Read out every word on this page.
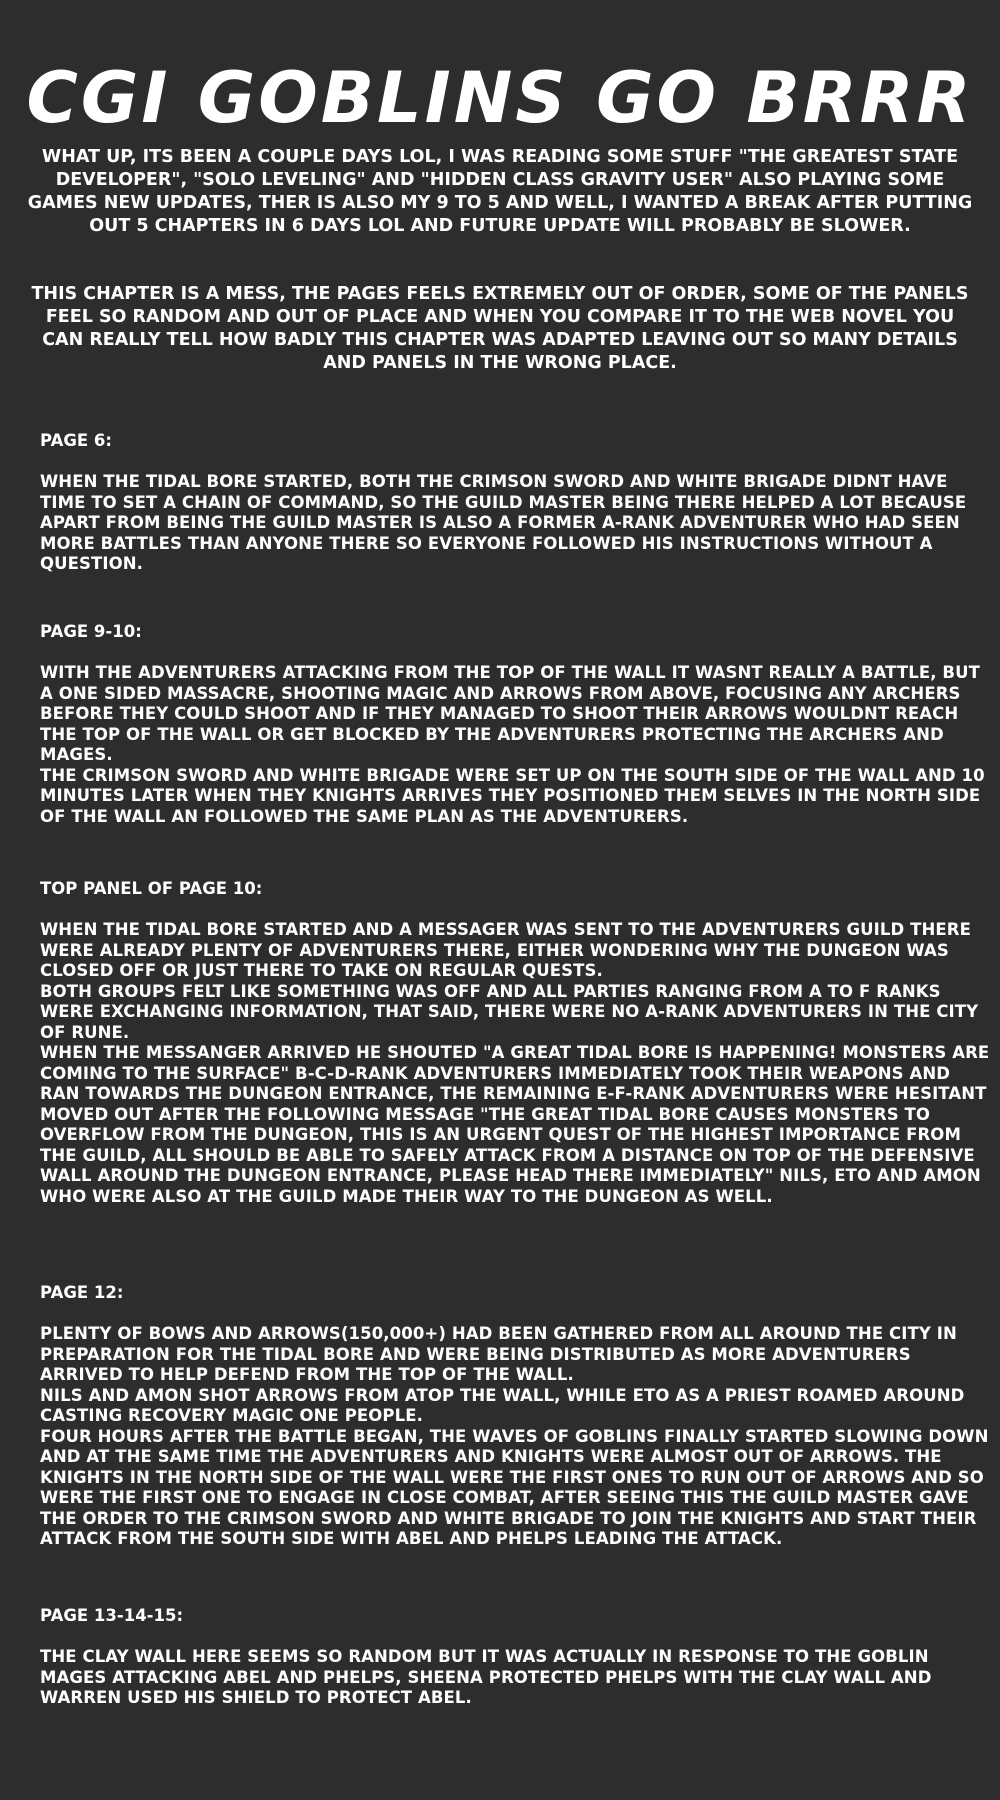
CGI GOBLINS GO BRRR

WHAT UP, ITS BEEN A COUPLE DAYS LOL, I WAS READING SOME STUFF "THE GREATEST STATE DEVELOPER", "SOLO LEVELING" AND "HIDDEN CLASS GRAVITY USER" ALSO PLAYING SOME GAMES NEW UPDATES, THER IS ALSO MY 9 TO 5 AND WELL, I WANTED A BREAK AFTER PUTTING OUT 5 CHAPTERS IN 6 DAYS LOL AND FUTURE UPDATE WILL PROBABLY BE SLOWER.

THIS CHAPTER IS A MESS, THE PAGES FEELS EXTREMELY OUT OF ORDER, SOME OF THE PANELS FEEL SO RANDOM AND OUT OF PLACE AND WHEN YOU COMPARE IT TO THE WEB NOVEL YOU CAN REALLY TELL HOW BADLY THIS CHAPTER WAS ADAPTED LEAVING OUT SO MANY DETAILS AND PANELS IN THE WRONG PLACE.

PAGE 6:

WHEN THE TIDAL BORE STARTED, BOTH THE CRIMSON SWORD AND WHITE BRIGADE DIDNT HAVE TIME TO SET A CHAIN OF COMMAND, SO THE GUILD MASTER BEING THERE HELPED A LOT BECAUSE APART FROM BEING THE GUILD MASTER IS ALSO A FORMER A-RANK ADVENTURER WHO HAD SEEN MORE BATTLES THAN ANYONE THERE SO EVERYONE FOLLOWED HIS INSTRUCTIONS WITHOUT A QUESTION.

PAGE 9-10:

WITH THE ADVENTURERS ATTACKING FROM THE TOP OF THE WALL IT WASNT REALLY A BATTLE, BUT A ONE SIDED MASSACRE, SHOOTING MAGIC AND ARROWS FROM ABOVE, FOCUSING ANY ARCHERS BEFORE THEY COULD SHOOT AND IF THEY MANAGED TO SHOOT THEIR ARROWS WOULDNT REACH THE TOP OF THE WALL OR GET BLOCKED BY THE ADVENTURERS PROTECTING THE ARCHERS AND MAGES.

THE CRIMSON SWORD AND WHITE BRIGADE WERE SET UP ON THE SOUTH SIDE OF THE WALL AND 10 MINUTES LATER WHEN THEY KNIGHTS ARRIVES THEY POSITIONED THEM SELVES IN THE NORTH SIDE OF THE WALL AN FOLLOWED THE SAME PLAN AS THE ADVENTURERS.

TOP PANEL OF PAGE 10:

WHEN THE TIDAL BORE STARTED AND A MESSAGER WAS SENT TO THE ADVENTURERS GUILD THERE WERE ALREADY PLENTY OF ADVENTURERS THERE, EITHER WONDERING WHY THE DUNGEON WAS CLOSED OFF OR JUST THERE TO TAKE ON REGULAR QUESTS.

BOTH GROUPS FELT LIKE SOMETHING WAS OFF AND ALL PARTIES RANGING FROM A TO F RANKS WERE EXCHANGING INFORMATION, THAT SAID, THERE WERE NO A-RANK ADVENTURERS IN THE CITY OF RUNE.

WHEN THE MESSANGER ARRIVED HE SHOUTED "A GREAT TIDAL BORE IS HAPPENING! MONSTERS ARE COMING TO THE SURFACE" B-C-D-RANK ADVENTURERS IMMEDIATELY TOOK THEIR WEAPONS AND RAN TOWARDS THE DUNGEON ENTRANCE, THE REMAINING E-F-RANK ADVENTURERS WERE HESITANT MOVED OUT AFTER THE FOLLOWING MESSAGE "THE GREAT TIDAL BORE CAUSES MONSTERS TO OVERFLOW FROM THE DUNGEON, THIS IS AN URGENT QUEST OF THE HIGHEST IMPORTANCE FROM THE GUILD, ALL SHOULD BE ABLE TO SAFELY ATTACK FROM A DISTANCE ON TOP OF THE DEFENSIVE WALL AROUND THE DUNGEON ENTRANCE, PLEASE HEAD THERE IMMEDIATELY" NILS, ETO AND AMON WHO WERE ALSO AT THE GUILD MADE THEIR WAY TO THE DUNGEON AS WELL.

PAGE 12:

PLENTY OF BOWS AND ARROWS(150,000+) HAD BEEN GATHERED FROM ALL AROUND THE CITY IN PREPARATION FOR THE TIDAL BORE AND WERE BEING DISTRIBUTED AS MORE ADVENTURERS ARRIVED TO HELP DEFEND FROM THE TOP OF THE WALL.

NILS AND AMON SHOT ARROWS FROM ATOP THE WALL, WHILE ETO AS A PRIEST ROAMED AROUND CASTING RECOVERY MAGIC ONE PEOPLE.

FOUR HOURS AFTER THE BATTLE BEGAN, THE WAVES OF GOBLINS FINALLY STARTED SLOWING DOWN AND AT THE SAME TIME THE ADVENTURERS AND KNIGHTS WERE ALMOST OUT OF ARROWS. THE KNIGHTS IN THE NORTH SIDE OF THE WALL WERE THE FIRST ONES TO RUN OUT OF ARROWS AND SO WERE THE FIRST ONE TO ENGAGE IN CLOSE COMBAT, AFTER SEEING THIS THE GUILD MASTER GAVE THE ORDER TO THE CRIMSON SWORD AND WHITE BRIGADE TO JOIN THE KNIGHTS AND START THEIR ATTACK FROM THE SOUTH SIDE WITH ABEL AND PHELPS LEADING THE ATTACK.

PAGE 13-14-15:

THE CLAY WALL HERE SEEMS SO RANDOM BUT IT WAS ACTUALLY IN RESPONSE TO THE GOBLIN MAGES ATTACKING ABEL AND PHELPS, SHEENA PROTECTED PHELPS WITH THE CLAY WALL AND WARREN USED HIS SHIELD TO PROTECT ABEL.
